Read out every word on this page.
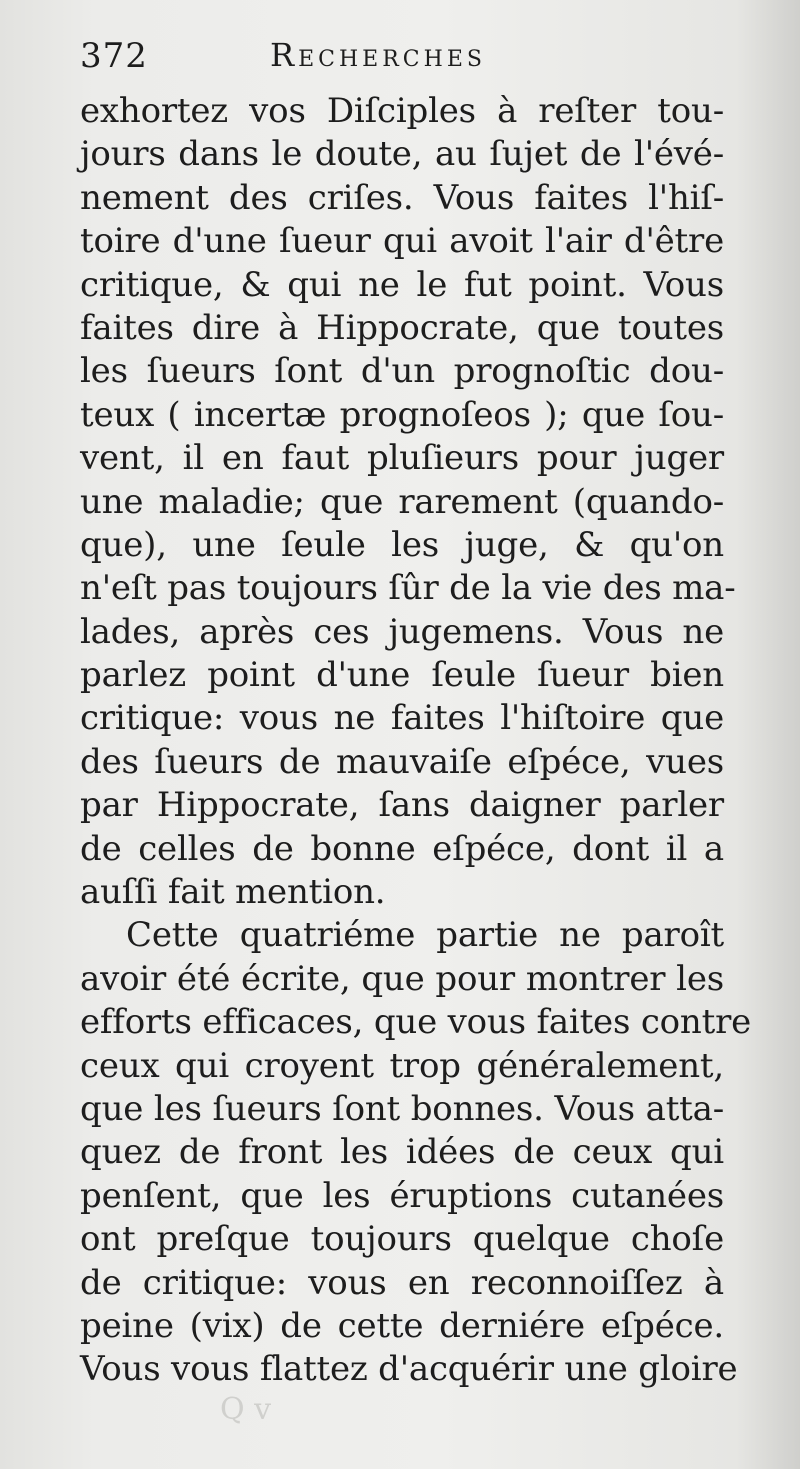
372	Recherches
exhortez vos Diſciples à reſter tou-
jours dans le doute, au ſujet de l'évé-
nement des criſes. Vous faites l'hiſ-
toire d'une ſueur qui avoit l'air d'être
critique, & qui ne le fut point. Vous
faites dire à Hippocrate, que toutes
les ſueurs ſont d'un prognoſtic dou-
teux ( incertæ prognoſeos ); que ſou-
vent, il en faut pluſieurs pour juger
une maladie; que rarement (quando-
que), une ſeule les juge, & qu'on
n'eſt pas toujours ſûr de la vie des ma-
lades, après ces jugemens. Vous ne
parlez point d'une ſeule ſueur bien
critique: vous ne faites l'hiſtoire que
des ſueurs de mauvaiſe eſpéce, vues
par Hippocrate, ſans daigner parler
de celles de bonne eſpéce, dont il a
auſſi fait mention.
Cette quatriéme partie ne paroît
avoir été écrite, que pour montrer les
efforts efficaces, que vous faites contre
ceux qui croyent trop généralement,
que les ſueurs ſont bonnes. Vous atta-
quez de front les idées de ceux qui
penſent, que les éruptions cutanées
ont preſque toujours quelque choſe
de critique: vous en reconnoiſſez à
peine (vix) de cette derniére eſpéce.
Vous vous flattez d'acquérir une gloire
Q v
